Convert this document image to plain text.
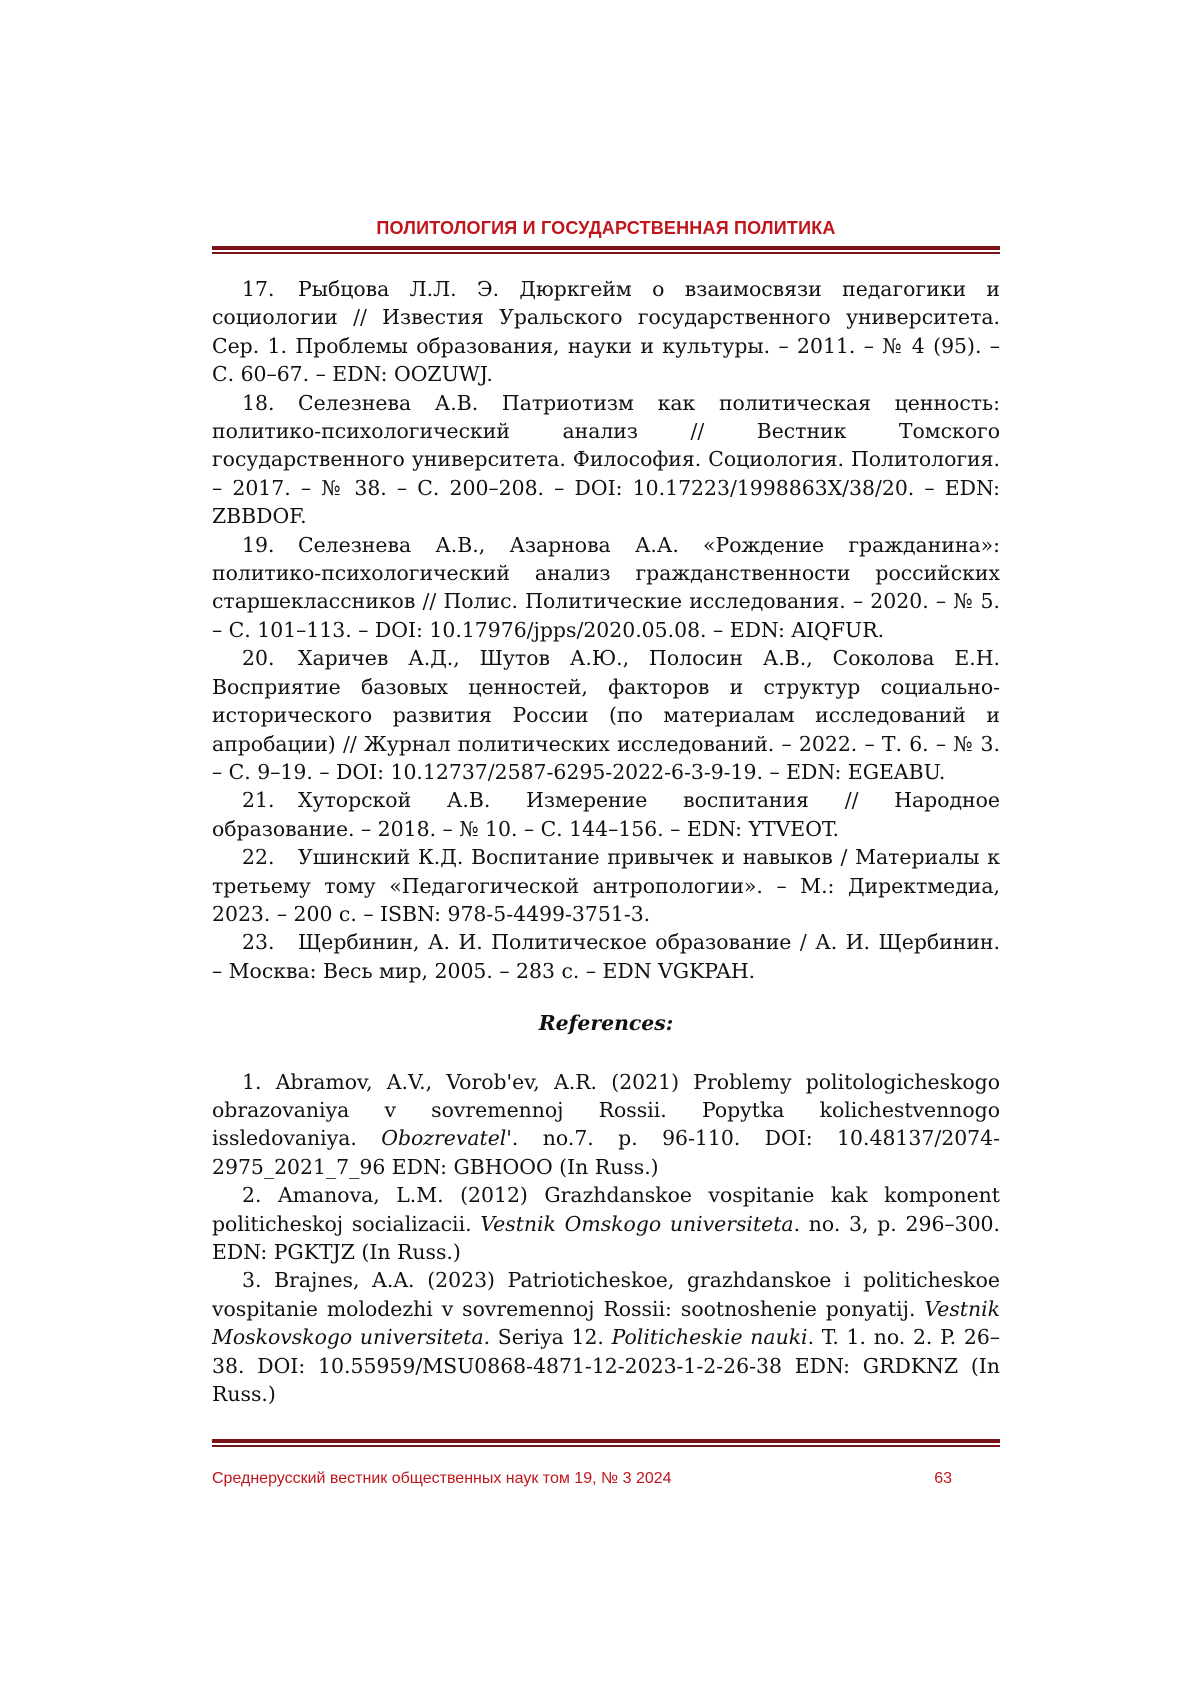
ПОЛИТОЛОГИЯ И ГОСУДАРСТВЕННАЯ ПОЛИТИКА

17. Рыбцова Л.Л. Э. Дюркгейм о взаимосвязи педагогики и социологии // Известия Уральского государственного университета. Сер. 1. Проблемы образования, науки и культуры. – 2011. – № 4 (95). – С. 60–67. – EDN: OOZUWJ.

18. Селезнева А.В. Патриотизм как политическая ценность: политико-психологический анализ // Вестник Томского государственного университета. Философия. Социология. Политология. – 2017. – № 38. – С. 200–208. – DOI: 10.17223/1998863X/38/20. – EDN: ZBBDOF.

19. Селезнева А.В., Азарнова А.А. «Рождение гражданина»: политико-психологический анализ гражданственности российских старшеклассников // Полис. Политические исследования. – 2020. – № 5. – С. 101–113. – DOI: 10.17976/jpps/2020.05.08. – EDN: AIQFUR.

20. Харичев А.Д., Шутов А.Ю., Полосин А.В., Соколова Е.Н. Восприятие базовых ценностей, факторов и структур социально-исторического развития России (по материалам исследований и апробации) // Журнал политических исследований. – 2022. – Т. 6. – № 3. – С. 9–19. – DOI: 10.12737/2587-6295-2022-6-3-9-19. – EDN: EGEABU.

21. Хуторской А.В. Измерение воспитания // Народное образование. – 2018. – № 10. – С. 144–156. – EDN: YTVEOT.

22. Ушинский К.Д. Воспитание привычек и навыков / Материалы к третьему тому «Педагогической антропологии». – М.: Директмедиа, 2023. – 200 с. – ISBN: 978-5-4499-3751-3.

23. Щербинин, А. И. Политическое образование / А. И. Щербинин. – Москва: Весь мир, 2005. – 283 с. – EDN VGKPAH.

References:

1. Abramov, A.V., Vorob'ev, A.R. (2021) Problemy politologicheskogo obrazovaniya v sovremennoj Rossii. Popytka kolichestvennogo issledovaniya. Obozrevatel'. no.7. p. 96-110. DOI: 10.48137/2074-2975_2021_7_96 EDN: GBHOOO (In Russ.)

2. Amanova, L.M. (2012) Grazhdanskoe vospitanie kak komponent politicheskoj socializacii. Vestnik Omskogo universiteta. no. 3, p. 296–300. EDN: PGKTJZ (In Russ.)

3. Brajnes, A.A. (2023) Patrioticheskoe, grazhdanskoe i politicheskoe vospitanie molodezhi v sovremennoj Rossii: sootnoshenie ponyatij. Vestnik Moskovskogo universiteta. Seriya 12. Politicheskie nauki. T. 1. no. 2. P. 26–38. DOI: 10.55959/MSU0868-4871-12-2023-1-2-26-38 EDN: GRDKNZ (In Russ.)

Среднерусский вестник общественных наук том 19, № 3 2024	63
